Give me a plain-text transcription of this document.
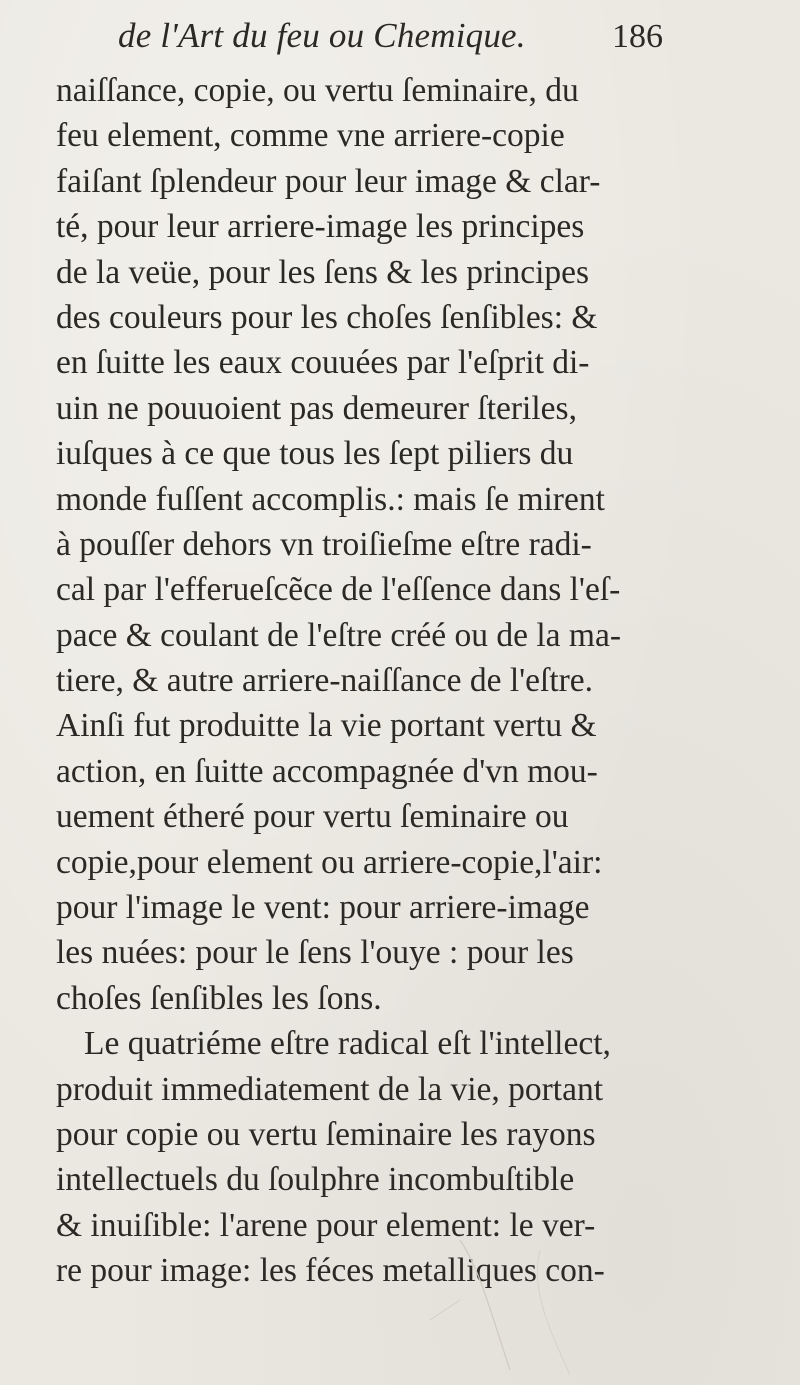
de l'Art du feu ou Chemique.	186
naiſſance, copie, ou vertu ſeminaire, du
feu element, comme vne arriere-copie
faiſant ſplendeur pour leur image & clar-
té, pour leur arriere-image les principes
de la veüe, pour les ſens & les principes
des couleurs pour les choſes ſenſibles: &
en ſuitte les eaux couuées par l'eſprit di-
uin ne pouuoient pas demeurer ſteriles,
iuſques à ce que tous les ſept piliers du
monde fuſſent accomplis.: mais ſe mirent
à pouſſer dehors vn troiſieſme eſtre radi-
cal par l'efferueſcẽce de l'eſſence dans l'eſ-
pace & coulant de l'eſtre créé ou de la ma-
tiere, & autre arriere-naiſſance de l'eſtre.
Ainſi fut produitte la vie portant vertu &
action, en ſuitte accompagnée d'vn mou-
uement étheré pour vertu ſeminaire ou
copie,pour element ou arriere-copie,l'air:
pour l'image le vent: pour arriere-image
les nuées: pour le ſens l'ouye : pour les
choſes ſenſibles les ſons.
Le quatriéme eſtre radical eſt l'intellect,
produit immediatement de la vie, portant
pour copie ou vertu ſeminaire les rayons
intellectuels du ſoulphre incombuſtible
& inuiſible: l'arene pour element: le ver-
re pour image: les féces metalliques con-
